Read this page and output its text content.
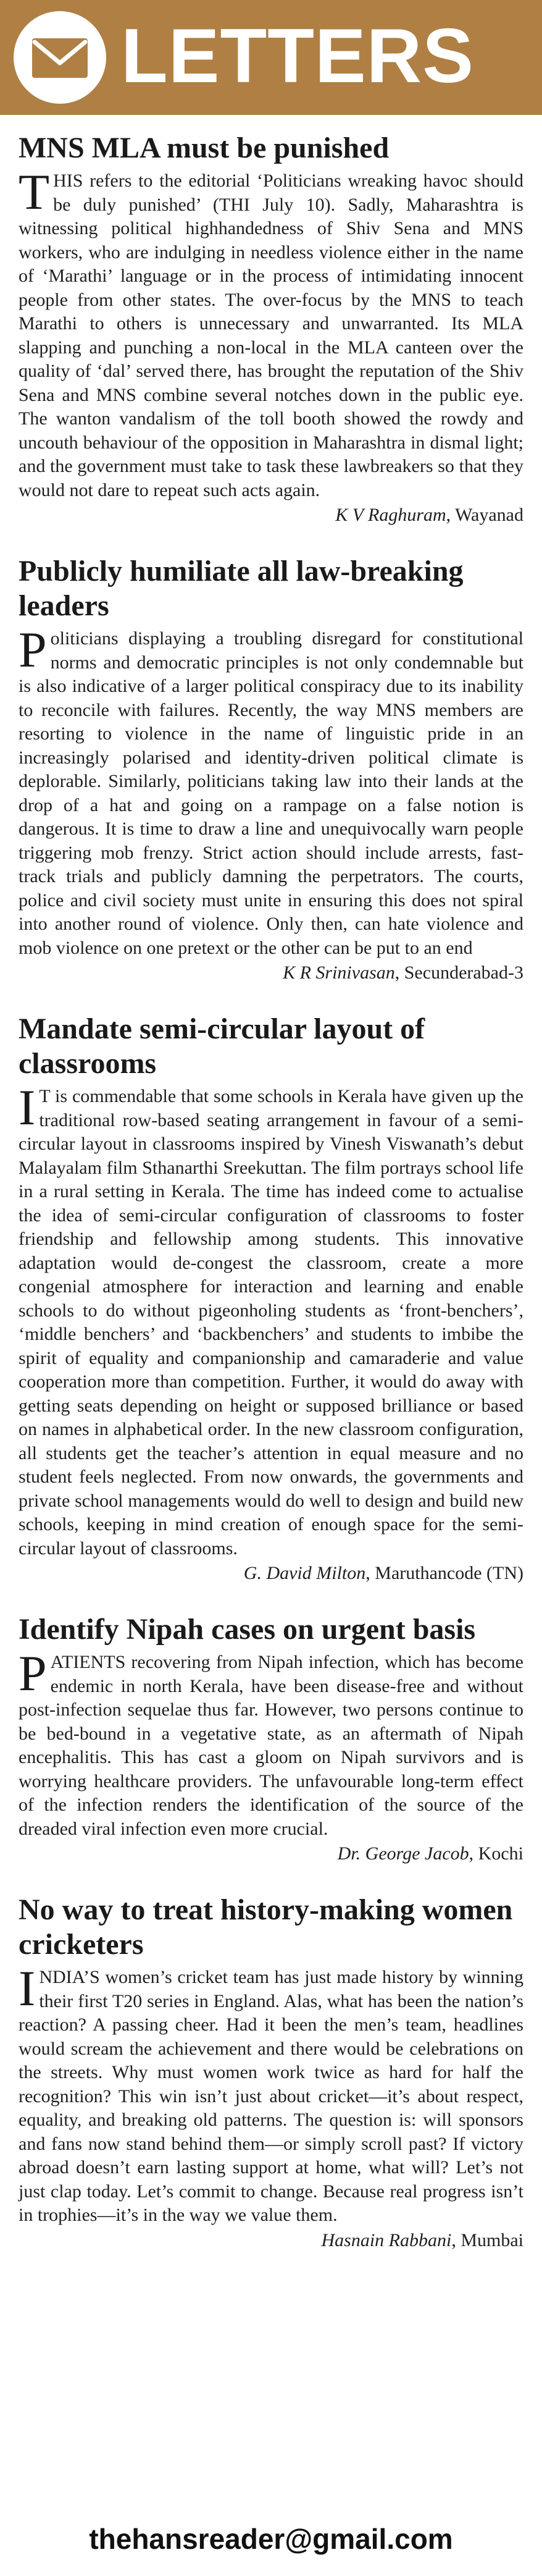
LETTERS
MNS MLA must be punished

THIS refers to the editorial ‘Politicians wreaking havoc should be duly punished’ (THI July 10). Sadly, Maharashtra is witnessing political highhandedness of Shiv Sena and MNS workers, who are indulging in needless violence either in the name of ‘Marathi’ language or in the process of intimidating innocent people from other states. The over-focus by the MNS to teach Marathi to others is unnecessary and unwarranted. Its MLA slapping and punching a non-local in the MLA canteen over the quality of ‘dal’ served there, has brought the reputation of the Shiv Sena and MNS combine several notches down in the public eye. The wanton vandalism of the toll booth showed the rowdy and uncouth behaviour of the opposition in Maharashtra in dismal light; and the government must take to task these lawbreakers so that they would not dare to repeat such acts again.

K V Raghuram, Wayanad

Publicly humiliate all law-breaking leaders

Politicians displaying a troubling disregard for constitutional norms and democratic principles is not only condemnable but is also indicative of a larger political conspiracy due to its inability to reconcile with failures. Recently, the way MNS members are resorting to violence in the name of linguistic pride in an increasingly polarised and identity-driven political climate is deplorable. Similarly, politicians taking law into their lands at the drop of a hat and going on a rampage on a false notion is dangerous. It is time to draw a line and unequivocally warn people triggering mob frenzy. Strict action should include arrests, fast-track trials and publicly damning the perpetrators. The courts, police and civil society must unite in ensuring this does not spiral into another round of violence. Only then, can hate violence and mob violence on one pretext or the other can be put to an end

K R Srinivasan, Secunderabad-3

Mandate semi-circular layout of classrooms

I T is commendable that some schools in Kerala have given up the traditional row-based seating arrangement in favour of a semi-circular layout in classrooms inspired by Vinesh Viswanath’s debut Malayalam film Sthanarthi Sreekuttan. The film portrays school life in a rural setting in Kerala. The time has indeed come to actualise the idea of semi-circular configuration of classrooms to foster friendship and fellowship among students. This innovative adaptation would de-congest the classroom, create a more congenial atmosphere for interaction and learning and enable schools to do without pigeonholing students as ‘front-benchers’, ‘middle benchers’ and ‘backbenchers’ and students to imbibe the spirit of equality and companionship and camaraderie and value cooperation more than competition. Further, it would do away with getting seats depending on height or supposed brilliance or based on names in alphabetical order. In the new classroom configuration, all students get the teacher’s attention in equal measure and no student feels neglected. From now onwards, the governments and private school managements would do well to design and build new schools, keeping in mind creation of enough space for the semi-circular layout of classrooms.

G. David Milton, Maruthancode (TN)

Identify Nipah cases on urgent basis

PATIENTS recovering from Nipah infection, which has become endemic in north Kerala, have been disease-free and without post-infection sequelae thus far. However, two persons continue to be bed-bound in a vegetative state, as an aftermath of Nipah encephalitis. This has cast a gloom on Nipah survivors and is worrying healthcare providers. The unfavourable long-term effect of the infection renders the identification of the source of the dreaded viral infection even more crucial.

Dr. George Jacob, Kochi

No way to treat history-making women cricketers

INDIA’S women’s cricket team has just made history by winning their first T20 series in England. Alas, what has been the nation’s reaction? A passing cheer. Had it been the men’s team, headlines would scream the achievement and there would be celebrations on the streets. Why must women work twice as hard for half the recognition? This win isn’t just about cricket—it’s about respect, equality, and breaking old patterns. The question is: will sponsors and fans now stand behind them—or simply scroll past? If victory abroad doesn’t earn lasting support at home, what will? Let’s not just clap today. Let’s commit to change. Because real progress isn’t in trophies—it’s in the way we value them.

Hasnain Rabbani, Mumbai

thehansreader@gmail.com
